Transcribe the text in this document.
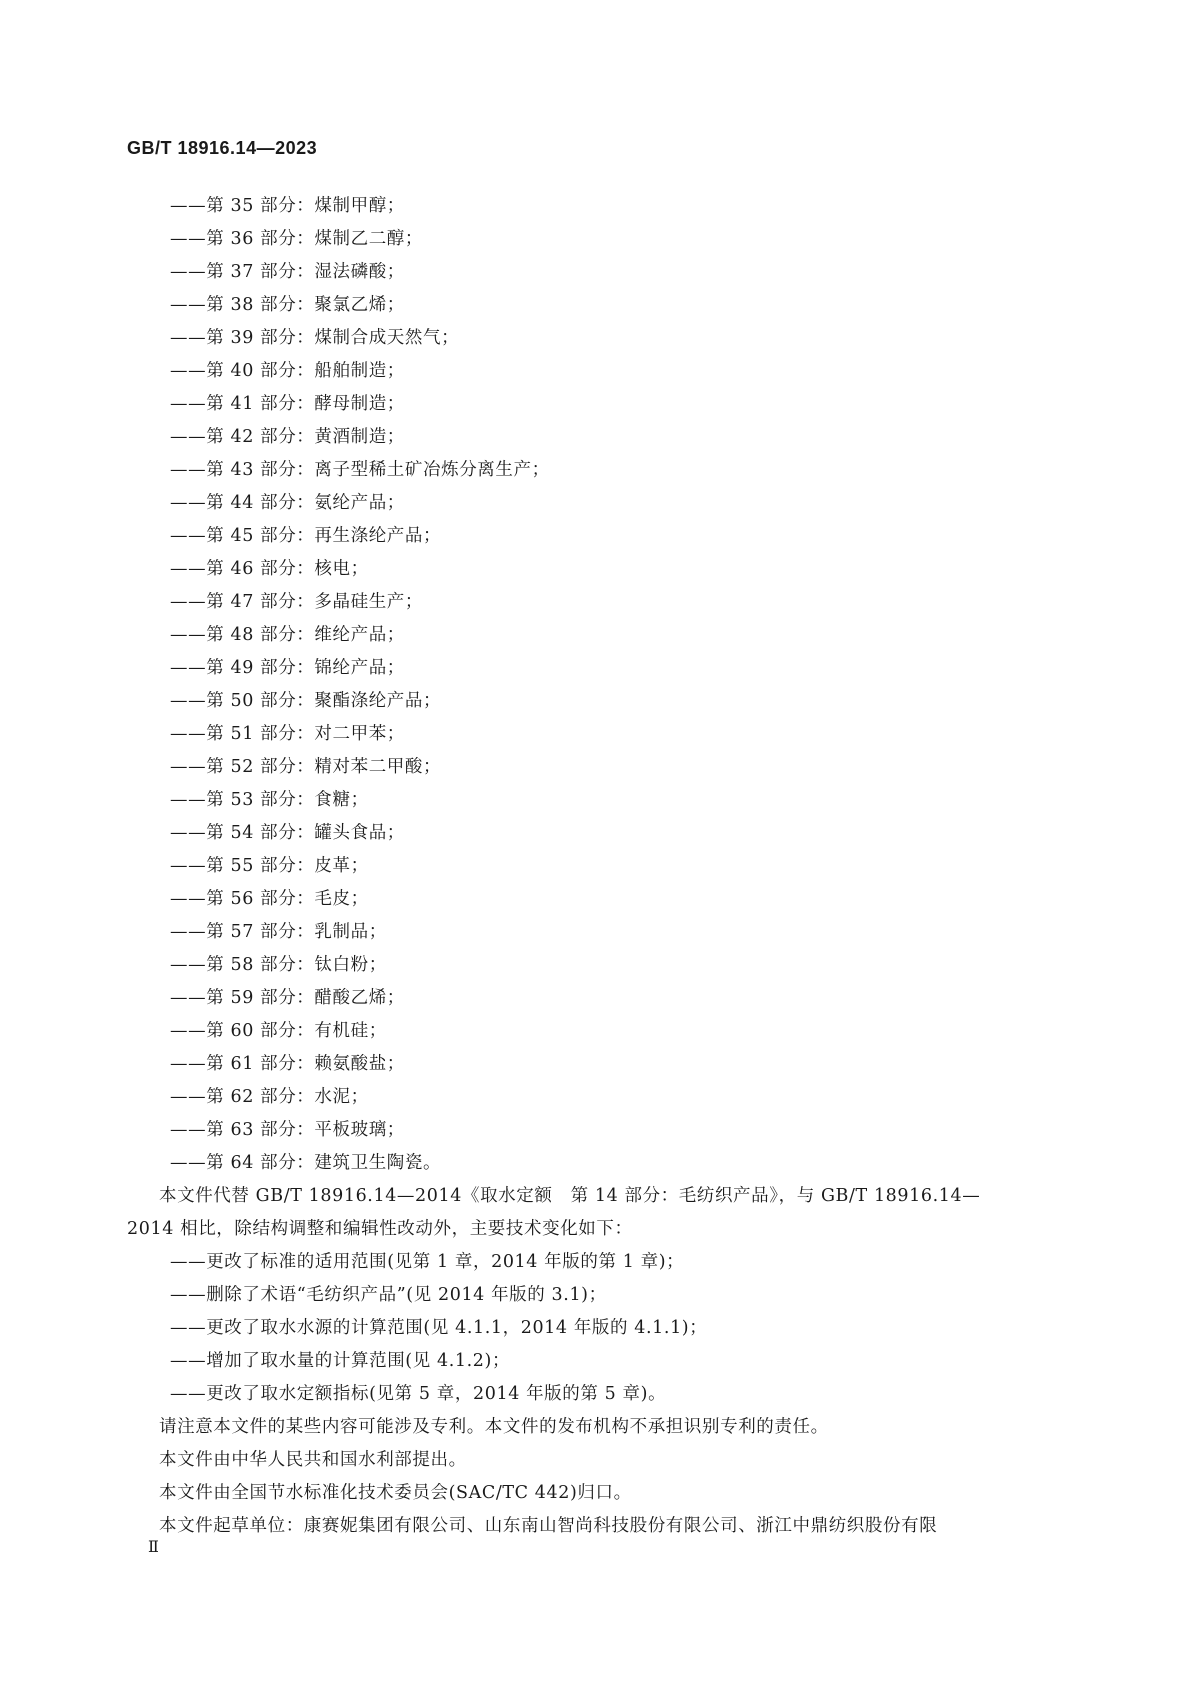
GB/T 18916.14—2023
——第 35 部分：煤制甲醇；
——第 36 部分：煤制乙二醇；
——第 37 部分：湿法磷酸；
——第 38 部分：聚氯乙烯；
——第 39 部分：煤制合成天然气；
——第 40 部分：船舶制造；
——第 41 部分：酵母制造；
——第 42 部分：黄酒制造；
——第 43 部分：离子型稀土矿冶炼分离生产；
——第 44 部分：氨纶产品；
——第 45 部分：再生涤纶产品；
——第 46 部分：核电；
——第 47 部分：多晶硅生产；
——第 48 部分：维纶产品；
——第 49 部分：锦纶产品；
——第 50 部分：聚酯涤纶产品；
——第 51 部分：对二甲苯；
——第 52 部分：精对苯二甲酸；
——第 53 部分：食糖；
——第 54 部分：罐头食品；
——第 55 部分：皮革；
——第 56 部分：毛皮；
——第 57 部分：乳制品；
——第 58 部分：钛白粉；
——第 59 部分：醋酸乙烯；
——第 60 部分：有机硅；
——第 61 部分：赖氨酸盐；
——第 62 部分：水泥；
——第 63 部分：平板玻璃；
——第 64 部分：建筑卫生陶瓷。
本文件代替 GB/T 18916.14—2014《取水定额　第 14 部分：毛纺织产品》，与 GB/T 18916.14—
2014 相比，除结构调整和编辑性改动外，主要技术变化如下：
——更改了标准的适用范围(见第 1 章，2014 年版的第 1 章)；
——删除了术语“毛纺织产品”(见 2014 年版的 3.1)；
——更改了取水水源的计算范围(见 4.1.1，2014 年版的 4.1.1)；
——增加了取水量的计算范围(见 4.1.2)；
——更改了取水定额指标(见第 5 章，2014 年版的第 5 章)。
请注意本文件的某些内容可能涉及专利。本文件的发布机构不承担识别专利的责任。
本文件由中华人民共和国水利部提出。
本文件由全国节水标准化技术委员会(SAC/TC 442)归口。
本文件起草单位：康赛妮集团有限公司、山东南山智尚科技股份有限公司、浙江中鼎纺织股份有限
Ⅱ
